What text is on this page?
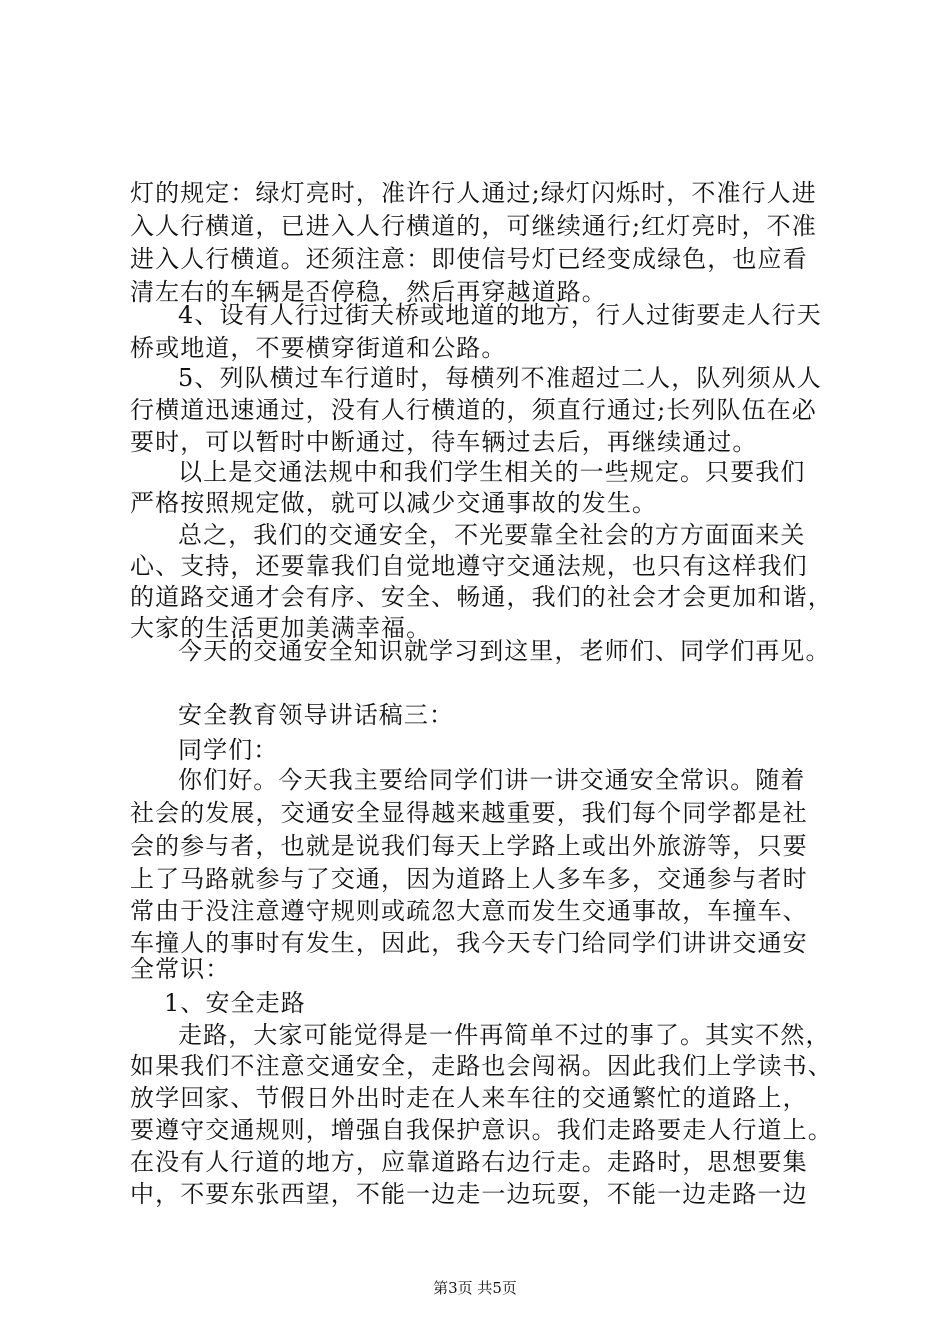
灯的规定：绿灯亮时，准许行人通过;绿灯闪烁时，不准行人进
入人行横道，已进入人行横道的，可继续通行;红灯亮时，不准
进入人行横道。还须注意：即使信号灯已经变成绿色，也应看
清左右的车辆是否停稳，然后再穿越道路。
4、设有人行过街天桥或地道的地方，行人过街要走人行天
桥或地道，不要横穿街道和公路。
5、列队横过车行道时，每横列不准超过二人，队列须从人
行横道迅速通过，没有人行横道的，须直行通过;长列队伍在必
要时，可以暂时中断通过，待车辆过去后，再继续通过。
以上是交通法规中和我们学生相关的一些规定。只要我们
严格按照规定做，就可以减少交通事故的发生。
总之，我们的交通安全，不光要靠全社会的方方面面来关
心、支持，还要靠我们自觉地遵守交通法规，也只有这样我们
的道路交通才会有序、安全、畅通，我们的社会才会更加和谐，
大家的生活更加美满幸福。
今天的交通安全知识就学习到这里，老师们、同学们再见。
安全教育领导讲话稿三：
同学们：
你们好。今天我主要给同学们讲一讲交通安全常识。随着
社会的发展，交通安全显得越来越重要，我们每个同学都是社
会的参与者，也就是说我们每天上学路上或出外旅游等，只要
上了马路就参与了交通，因为道路上人多车多，交通参与者时
常由于没注意遵守规则或疏忽大意而发生交通事故，车撞车、
车撞人的事时有发生，因此，我今天专门给同学们讲讲交通安
全常识：
1、安全走路
走路，大家可能觉得是一件再简单不过的事了。其实不然，
如果我们不注意交通安全，走路也会闯祸。因此我们上学读书、
放学回家、节假日外出时走在人来车往的交通繁忙的道路上，
要遵守交通规则，增强自我保护意识。我们走路要走人行道上。
在没有人行道的地方，应靠道路右边行走。走路时，思想要集
中，不要东张西望，不能一边走一边玩耍，不能一边走路一边
第3页 共5页
